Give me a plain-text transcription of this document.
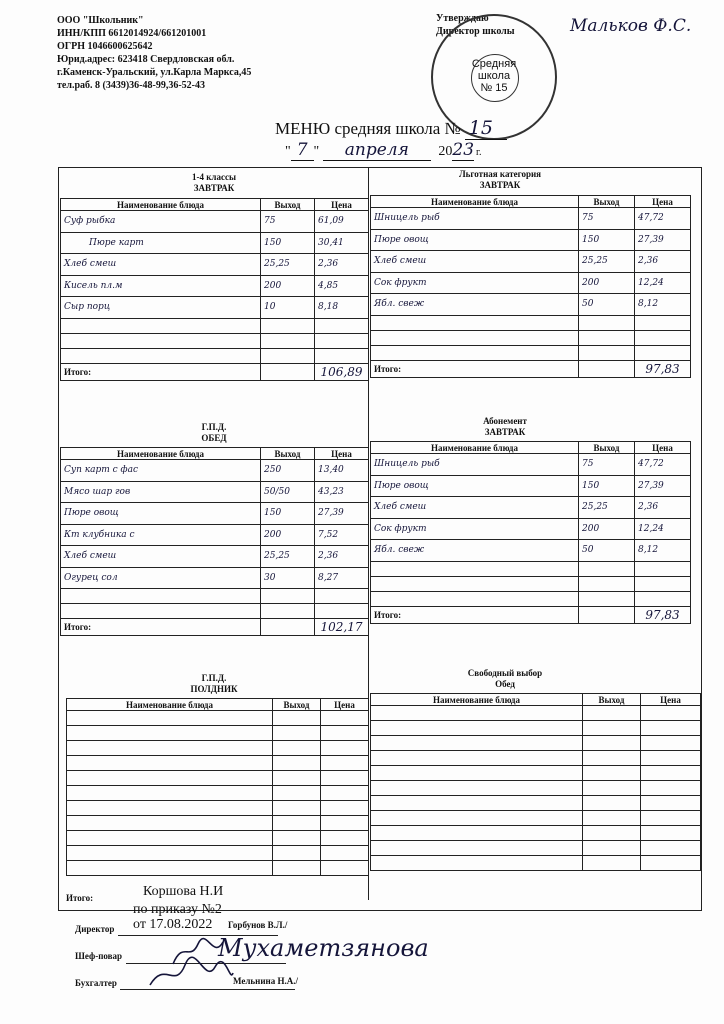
ООО "Школьник"
ИНН/КПП 6612014924/661201001
ОГРН 1046600625642
Юрид.адрес: 623418 Свердловская обл.
г.Каменск-Уральский, ул.Карла Маркса,45
тел.раб. 8 (3439)36-48-99,36-52-43
Утверждаю
Директор школы	Мальков Ф.С.
Средняя
школа
№ 15
МЕНЮ средняя школа № 15
" 7 " апреля 2023 г.
1-4 классы
ЗАВТРАК
Наименование блюда	Выход	Цена
Суф рыбка	75	61,09
Пюре карт	150	30,41
Хлеб смеш	25,25	2,36
Кисель пл.м	200	4,85
Сыр порц	10	8,18

Итого:		106,89
Льготная категория
ЗАВТРАК
Наименование блюда	Выход	Цена
Шницель рыб	75	47,72
Пюре овощ	150	27,39
Хлеб смеш	25,25	2,36
Сок фрукт	200	12,24
Ябл. свеж	50	8,12

Итого:		97,83
Г.П.Д.
ОБЕД
Наименование блюда	Выход	Цена
Суп карт с фас	250	13,40
Мясо шар гов	50/50	43,23
Пюре овощ	150	27,39
Кт клубника с	200	7,52
Хлеб смеш	25,25	2,36
Огурец сол	30	8,27

Итого:		102,17
Абонемент
ЗАВТРАК
Наименование блюда	Выход	Цена
Шницель рыб	75	47,72
Пюре овощ	150	27,39
Хлеб смеш	25,25	2,36
Сок фрукт	200	12,24
Ябл. свеж	50	8,12

Итого:		97,83
Г.П.Д.
ПОЛДНИК
Наименование блюда	Выход	Цена

Свободный выбор
Обед
Наименование блюда	Выход	Цена

Итого:	Коршова Н.И
по приказу №2
от 17.08.2022
Директор	Горбунов В.Л./
Шеф-повар	Мухаметзянова
Бухгалтер	Мельнина Н.А./
